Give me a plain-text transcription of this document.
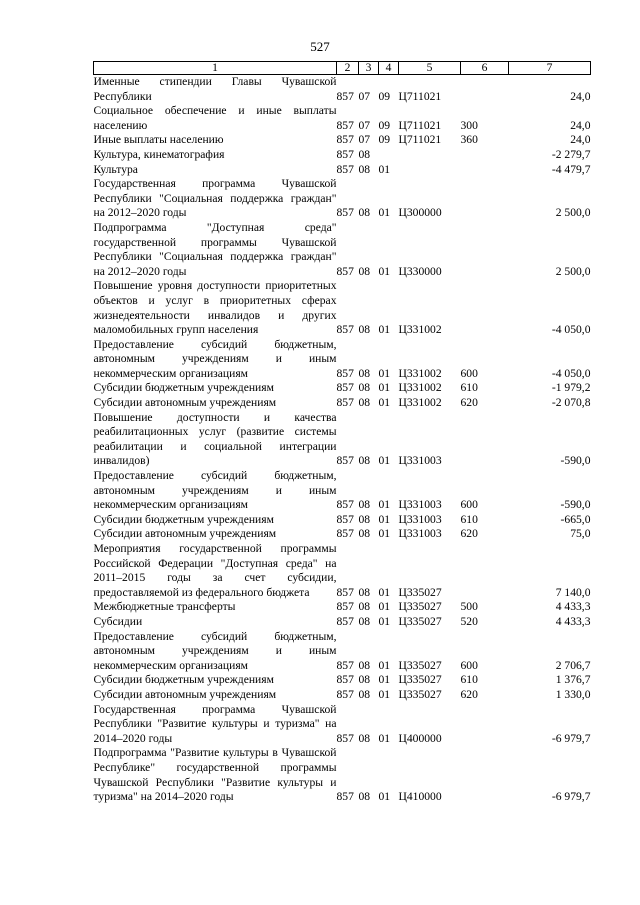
527
1	2	3	4	5	6	7
Именные стипендии Главы Чувашской Республики	857	07	09	Ц711021		24,0
Социальное обеспечение и иные выплаты населению	857	07	09	Ц711021	300	24,0
Иные выплаты населению	857	07	09	Ц711021	360	24,0
Культура, кинематография	857	08				-2 279,7
Культура	857	08	01			-4 479,7
Государственная программа Чувашской Республики "Социальная поддержка граждан" на 2012–2020 годы	857	08	01	Ц300000		2 500,0
Подпрограмма "Доступная среда" государственной программы Чувашской Республики "Социальная поддержка граждан" на 2012–2020 годы	857	08	01	Ц330000		2 500,0
Повышение уровня доступности приоритетных объектов и услуг в приоритетных сферах жизнедеятельности инвалидов и других маломобильных групп населения	857	08	01	Ц331002		-4 050,0
Предоставление субсидий бюджетным, автономным учреждениям и иным некоммерческим организациям	857	08	01	Ц331002	600	-4 050,0
Субсидии бюджетным учреждениям	857	08	01	Ц331002	610	-1 979,2
Субсидии автономным учреждениям	857	08	01	Ц331002	620	-2 070,8
Повышение доступности и качества реабилитационных услуг (развитие системы реабилитации и социальной интеграции инвалидов)	857	08	01	Ц331003		-590,0
Предоставление субсидий бюджетным, автономным учреждениям и иным некоммерческим организациям	857	08	01	Ц331003	600	-590,0
Субсидии бюджетным учреждениям	857	08	01	Ц331003	610	-665,0
Субсидии автономным учреждениям	857	08	01	Ц331003	620	75,0
Мероприятия государственной программы Российской Федерации "Доступная среда" на 2011–2015 годы за счет субсидии, предоставляемой из федерального бюджета	857	08	01	Ц335027		7 140,0
Межбюджетные трансферты	857	08	01	Ц335027	500	4 433,3
Субсидии	857	08	01	Ц335027	520	4 433,3
Предоставление субсидий бюджетным, автономным учреждениям и иным некоммерческим организациям	857	08	01	Ц335027	600	2 706,7
Субсидии бюджетным учреждениям	857	08	01	Ц335027	610	1 376,7
Субсидии автономным учреждениям	857	08	01	Ц335027	620	1 330,0
Государственная программа Чувашской Республики "Развитие культуры и туризма" на 2014–2020 годы	857	08	01	Ц400000		-6 979,7
Подпрограмма "Развитие культуры в Чувашской Республике" государственной программы Чувашской Республики "Развитие культуры и туризма" на 2014–2020 годы	857	08	01	Ц410000		-6 979,7
